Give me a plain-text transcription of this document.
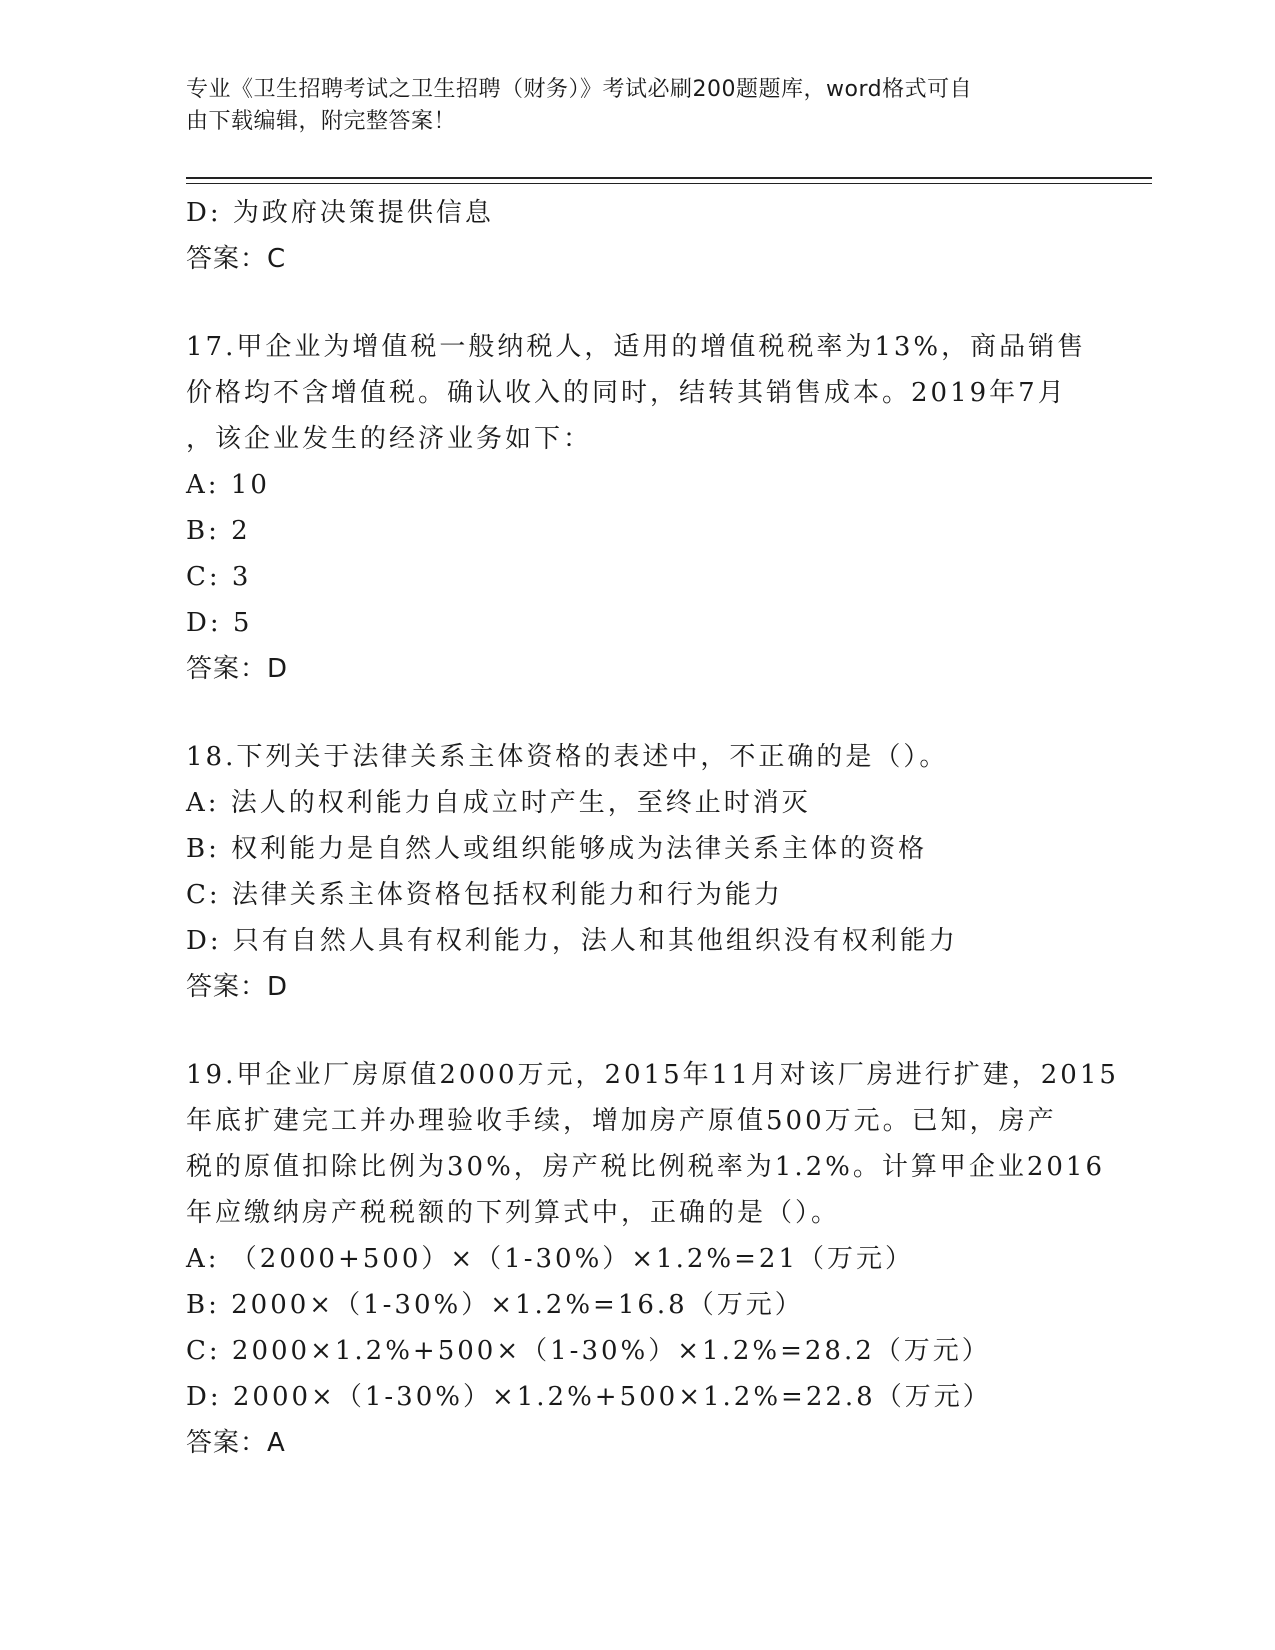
专业《卫生招聘考试之卫生招聘（财务）》考试必刷200题题库，word格式可自
由下载编辑，附完整答案！
D: 为政府决策提供信息
答案：C
17.甲企业为增值税一般纳税人，适用的增值税税率为13%，商品销售
价格均不含增值税。确认收入的同时，结转其销售成本。2019年7月
，该企业发生的经济业务如下：
A: 10
B: 2
C: 3
D: 5
答案：D
18.下列关于法律关系主体资格的表述中，不正确的是（）。
A: 法人的权利能力自成立时产生，至终止时消灭
B: 权利能力是自然人或组织能够成为法律关系主体的资格
C: 法律关系主体资格包括权利能力和行为能力
D: 只有自然人具有权利能力，法人和其他组织没有权利能力
答案：D
19.甲企业厂房原值2000万元，2015年11月对该厂房进行扩建，2015
年底扩建完工并办理验收手续，增加房产原值500万元。已知，房产
税的原值扣除比例为30%，房产税比例税率为1.2%。计算甲企业2016
年应缴纳房产税税额的下列算式中，正确的是（）。
A: （2000+500）×（1-30%）×1.2%=21（万元）
B: 2000×（1-30%）×1.2%=16.8（万元）
C: 2000×1.2%+500×（1-30%）×1.2%=28.2（万元）
D: 2000×（1-30%）×1.2%+500×1.2%=22.8（万元）
答案：A
